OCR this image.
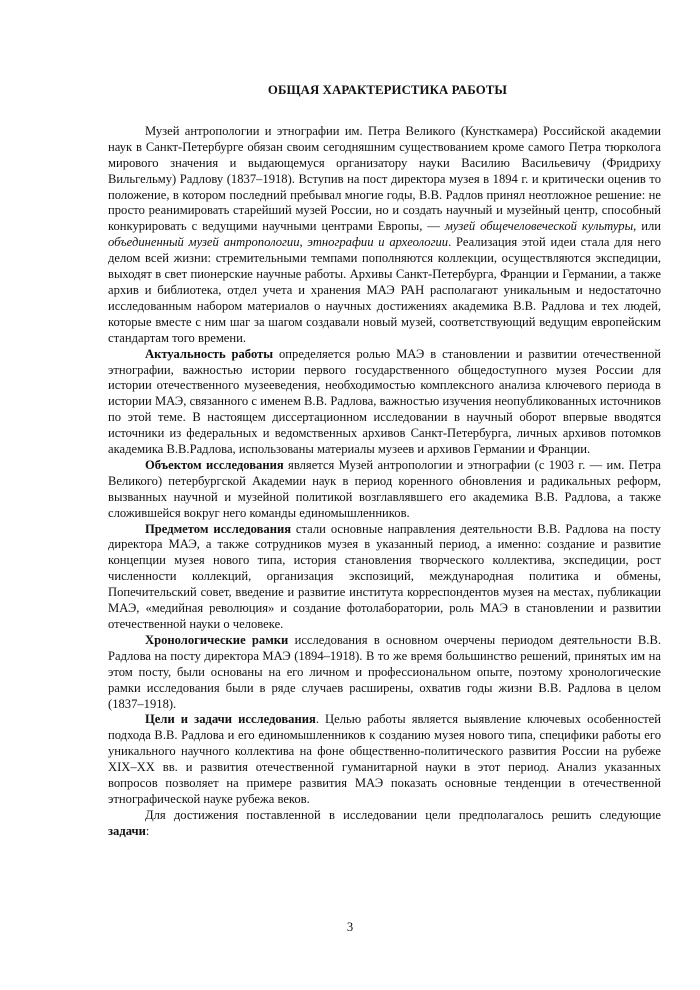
ОБЩАЯ ХАРАКТЕРИСТИКА РАБОТЫ

Музей антропологии и этнографии им. Петра Великого (Кунсткамера) Российской академии наук в Санкт-Петербурге обязан своим сегодняшним существованием кроме самого Петра тюрколога мирового значения и выдающемуся организатору науки Василию Васильевичу (Фридриху Вильгельму) Радлову (1837–1918). Вступив на пост директора музея в 1894 г. и критически оценив то положение, в котором последний пребывал многие годы, В.В. Радлов принял неотложное решение: не просто реанимировать старейший музей России, но и создать научный и музейный центр, способный конкурировать с ведущими научными центрами Европы, — музей общечеловеческой культуры, или объединенный музей антропологии, этнографии и археологии. Реализация этой идеи стала для него делом всей жизни: стремительными темпами пополняются коллекции, осуществляются экспедиции, выходят в свет пионерские научные работы. Архивы Санкт-Петербурга, Франции и Германии, а также архив и библиотека, отдел учета и хранения МАЭ РАН располагают уникальным и недостаточно исследованным набором материалов о научных достижениях академика В.В. Радлова и тех людей, которые вместе с ним шаг за шагом создавали новый музей, соответствующий ведущим европейским стандартам того времени.

Актуальность работы определяется ролью МАЭ в становлении и развитии отечественной этнографии, важностью истории первого государственного общедоступного музея России для истории отечественного музееведения, необходимостью комплексного анализа ключевого периода в истории МАЭ, связанного с именем В.В. Радлова, важностью изучения неопубликованных источников по этой теме. В настоящем диссертационном исследовании в научный оборот впервые вводятся источники из федеральных и ведомственных архивов Санкт-Петербурга, личных архивов потомков академика В.В.Радлова, использованы материалы музеев и архивов Германии и Франции.

Объектом исследования является Музей антропологии и этнографии (с 1903 г. — им. Петра Великого) петербургской Академии наук в период коренного обновления и радикальных реформ, вызванных научной и музейной политикой возглавлявшего его академика В.В. Радлова, а также сложившейся вокруг него команды единомышленников.

Предметом исследования стали основные направления деятельности В.В. Радлова на посту директора МАЭ, а также сотрудников музея в указанный период, а именно: создание и развитие концепции музея нового типа, история становления творческого коллектива, экспедиции, рост численности коллекций, организация экспозиций, международная политика и обмены, Попечительский совет, введение и развитие института корреспондентов музея на местах, публикации МАЭ, «медийная революция» и создание фотолаборатории, роль МАЭ в становлении и развитии отечественной науки о человеке.

Хронологические рамки исследования в основном очерчены периодом деятельности В.В. Радлова на посту директора МАЭ (1894–1918). В то же время большинство решений, принятых им на этом посту, были основаны на его личном и профессиональном опыте, поэтому хронологические рамки исследования были в ряде случаев расширены, охватив годы жизни В.В. Радлова в целом (1837–1918).

Цели и задачи исследования. Целью работы является выявление ключевых особенностей подхода В.В. Радлова и его единомышленников к созданию музея нового типа, специфики работы его уникального научного коллектива на фоне общественно-политического развития России на рубеже XIX–XX вв. и развития отечественной гуманитарной науки в этот период. Анализ указанных вопросов позволяет на примере развития МАЭ показать основные тенденции в отечественной этнографической науке рубежа веков.

Для достижения поставленной в исследовании цели предполагалось решить следующие задачи:

3
